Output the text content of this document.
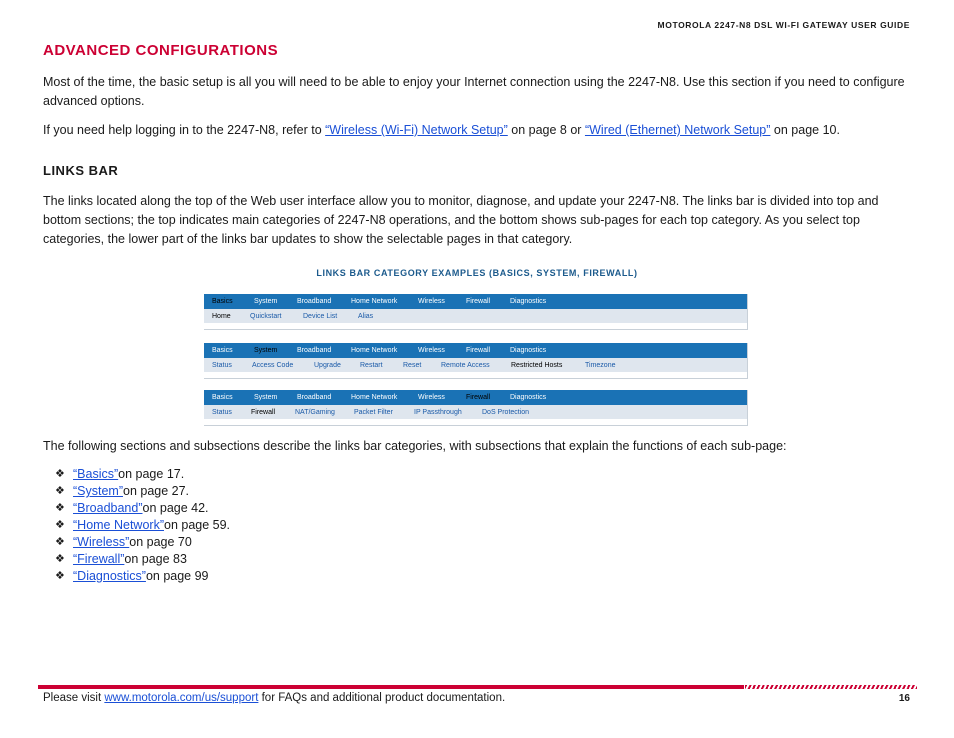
MOTOROLA 2247-N8 DSL WI-FI GATEWAY USER GUIDE
ADVANCED CONFIGURATIONS

Most of the time, the basic setup is all you will need to be able to enjoy your Internet connection using the 2247-N8. Use this section if you need to configure advanced options.

If you need help logging in to the 2247-N8, refer to “Wireless (Wi-Fi) Network Setup” on page 8 or “Wired (Ethernet) Network Setup” on page 10.

LINKS BAR

The links located along the top of the Web user interface allow you to monitor, diagnose, and update your 2247-N8. The links bar is divided into top and bottom sections; the top indicates main categories of 2247-N8 operations, and the bottom shows sub-pages for each top category. As you select top categories, the lower part of the links bar updates to show the selectable pages in that category.

LINKS BAR CATEGORY EXAMPLES (BASICS, SYSTEM, FIREWALL)
Basics	System	Broadband	Home Network	Wireless	Firewall	Diagnostics
Home	Quickstart	Device List	Alias
Basics	System	Broadband	Home Network	Wireless	Firewall	Diagnostics
Status	Access Code	Upgrade	Restart	Reset	Remote Access	Restricted Hosts	Timezone
Basics	System	Broadband	Home Network	Wireless	Firewall	Diagnostics
Status	Firewall	NAT/Gaming	Packet Filter	IP Passthrough	DoS Protection

The following sections and subsections describe the links bar categories, with subsections that explain the functions of each sub-page:

❖ “Basics” on page 17.
❖ “System” on page 27.
❖ “Broadband” on page 42.
❖ “Home Network” on page 59.
❖ “Wireless” on page 70
❖ “Firewall” on page 83
❖ “Diagnostics” on page 99
Please visit www.motorola.com/us/support for FAQs and additional product documentation.	16
